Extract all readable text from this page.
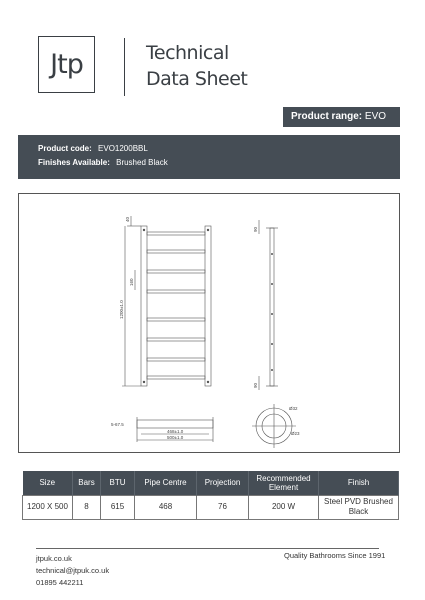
Jtp	Technical
Data Sheet
Product range: EVO
Product code: EVO1200BBL
Finishes Available: Brushed Black
40
1200±1.0
160
90
90
468±1.0
500±1.0
5-67.5
Ø32
Ø23
Size	Bars	BTU	Pipe Centre	Projection	Recommended Element	Finish
1200 X 500	8	615	468	76	200 W	Steel PVD Brushed Black
jtpuk.co.uk
technical@jtpuk.co.uk
01895 442211
Quality Bathrooms Since 1991
